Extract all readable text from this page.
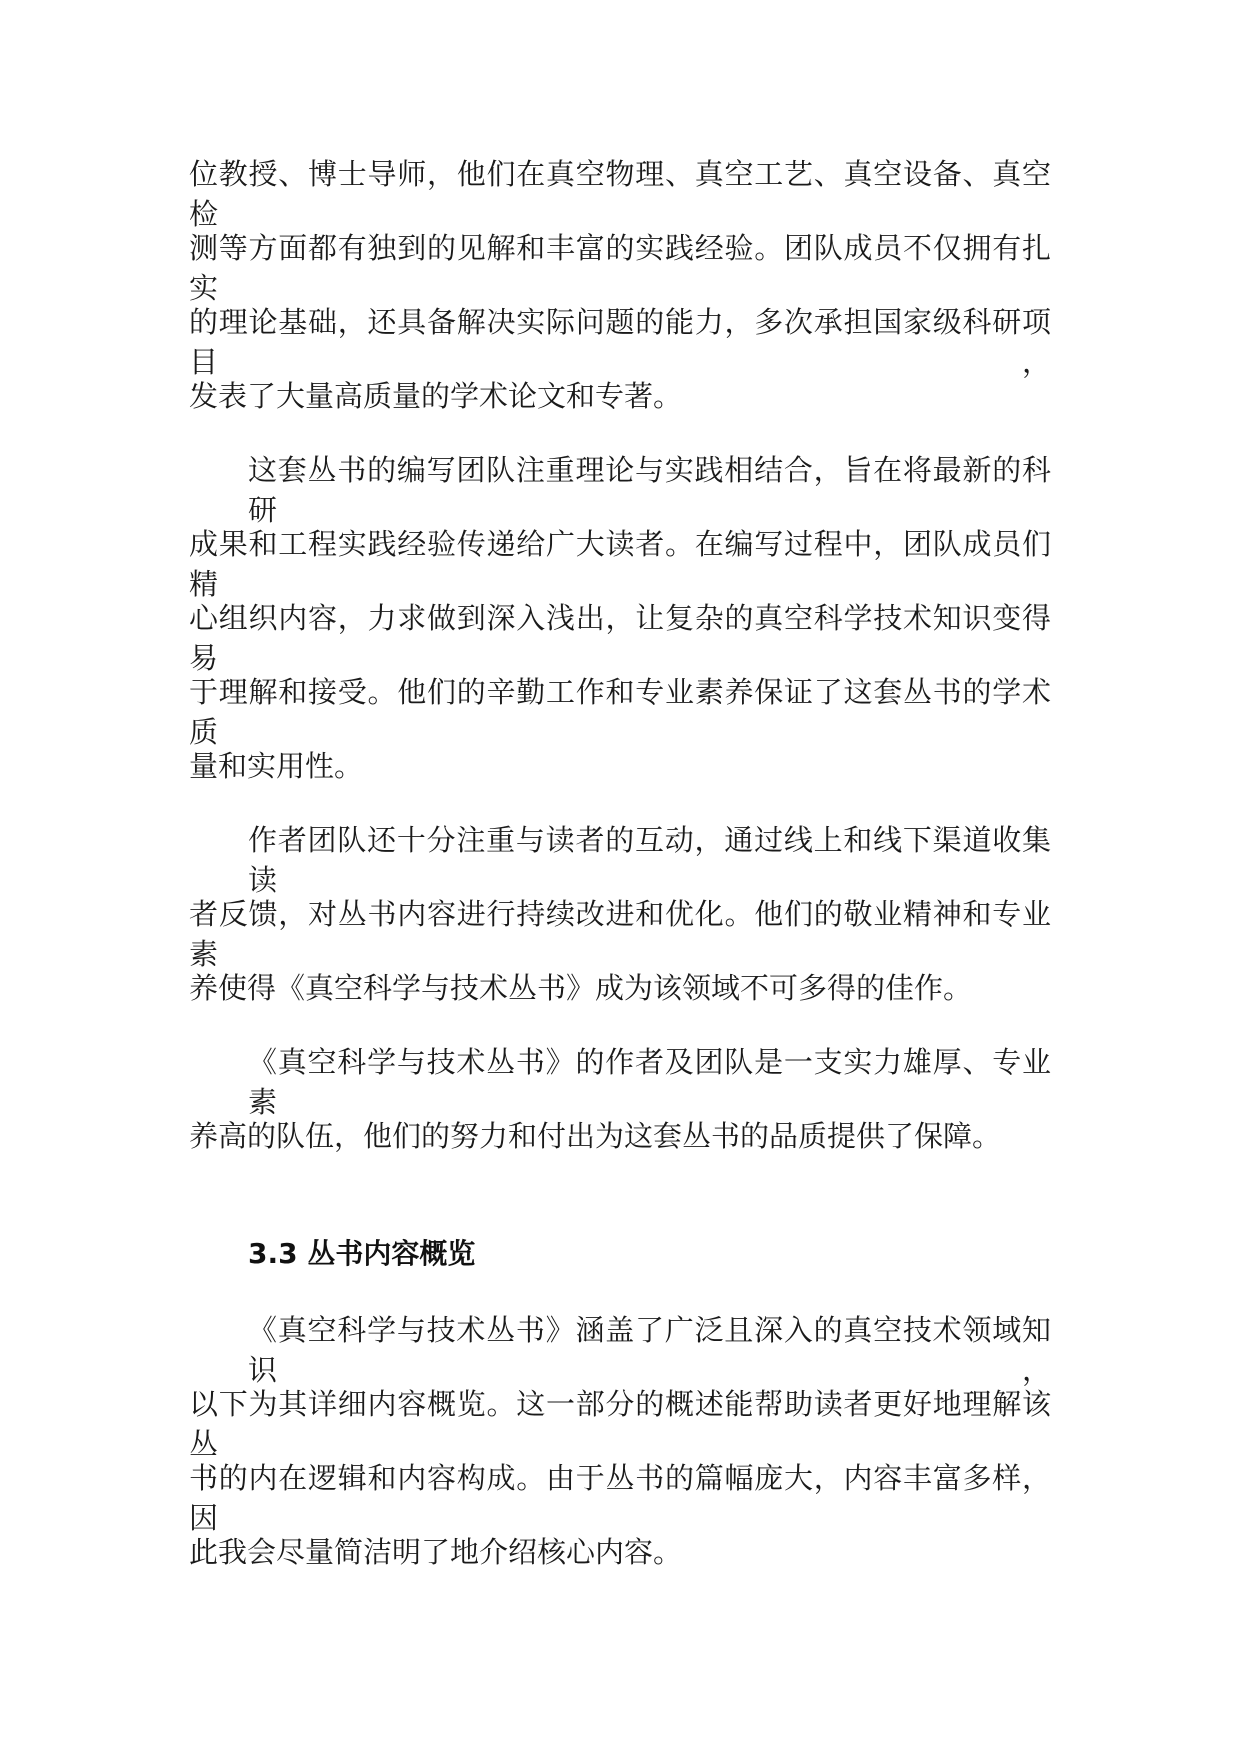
位教授、博士导师，他们在真空物理、真空工艺、真空设备、真空检
测等方面都有独到的见解和丰富的实践经验。团队成员不仅拥有扎实
的理论基础，还具备解决实际问题的能力，多次承担国家级科研项目，
发表了大量高质量的学术论文和专著。
这套丛书的编写团队注重理论与实践相结合，旨在将最新的科研
成果和工程实践经验传递给广大读者。在编写过程中，团队成员们精
心组织内容，力求做到深入浅出，让复杂的真空科学技术知识变得易
于理解和接受。他们的辛勤工作和专业素养保证了这套丛书的学术质
量和实用性。
作者团队还十分注重与读者的互动，通过线上和线下渠道收集读
者反馈，对丛书内容进行持续改进和优化。他们的敬业精神和专业素
养使得《真空科学与技术丛书》成为该领域不可多得的佳作。
《真空科学与技术丛书》的作者及团队是一支实力雄厚、专业素
养高的队伍，他们的努力和付出为这套丛书的品质提供了保障。
3.3 丛书内容概览
《真空科学与技术丛书》涵盖了广泛且深入的真空技术领域知识，
以下为其详细内容概览。这一部分的概述能帮助读者更好地理解该丛
书的内在逻辑和内容构成。由于丛书的篇幅庞大，内容丰富多样，因
此我会尽量简洁明了地介绍核心内容。
